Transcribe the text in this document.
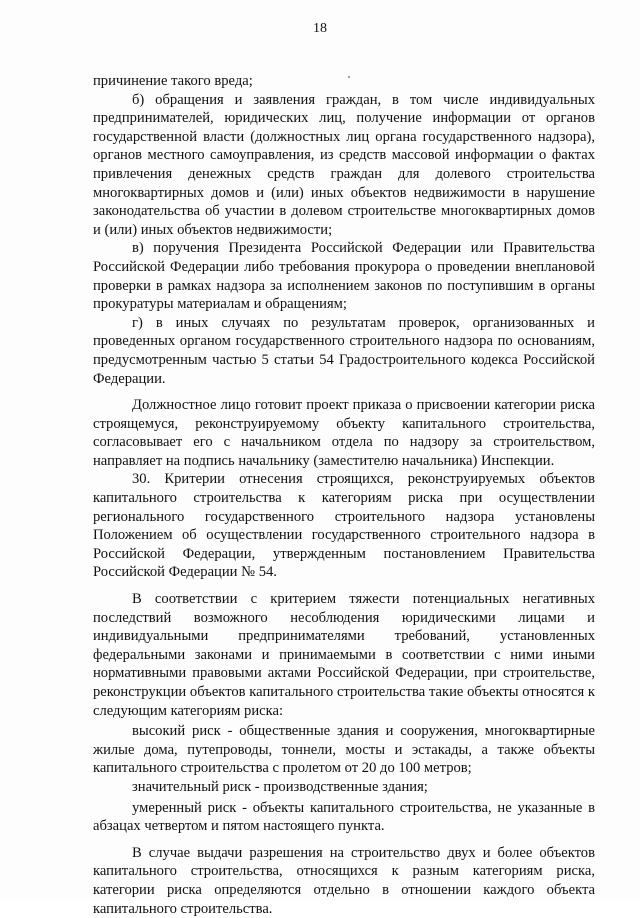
18

причинение такого вреда;

б) обращения и заявления граждан, в том числе индивидуальных предпринимателей, юридических лиц, получение информации от органов государственной власти (должностных лиц органа государственного надзора), органов местного самоуправления, из средств массовой информации о фактах привлечения денежных средств граждан для долевого строительства многоквартирных домов и (или) иных объектов недвижимости в нарушение законодательства об участии в долевом строительстве многоквартирных домов и (или) иных объектов недвижимости;

в) поручения Президента Российской Федерации или Правительства Российской Федерации либо требования прокурора о проведении внеплановой проверки в рамках надзора за исполнением законов по поступившим в органы прокуратуры материалам и обращениям;

г) в иных случаях по результатам проверок, организованных и проведенных органом государственного строительного надзора по основаниям, предусмотренным частью 5 статьи 54 Градостроительного кодекса Российской Федерации.

Должностное лицо готовит проект приказа о присвоении категории риска строящемуся, реконструируемому объекту капитального строительства, согласовывает его с начальником отдела по надзору за строительством, направляет на подпись начальнику (заместителю начальника) Инспекции.

30. Критерии отнесения строящихся, реконструируемых объектов капитального строительства к категориям риска при осуществлении регионального государственного строительного надзора установлены Положением об осуществлении государственного строительного надзора в Российской Федерации, утвержденным постановлением Правительства Российской Федерации № 54.

В соответствии с критерием тяжести потенциальных негативных последствий возможного несоблюдения юридическими лицами и индивидуальными предпринимателями требований, установленных федеральными законами и принимаемыми в соответствии с ними иными нормативными правовыми актами Российской Федерации, при строительстве, реконструкции объектов капитального строительства такие объекты относятся к следующим категориям риска:

высокий риск - общественные здания и сооружения, многоквартирные жилые дома, путепроводы, тоннели, мосты и эстакады, а также объекты капитального строительства с пролетом от 20 до 100 метров;

значительный риск - производственные здания;

умеренный риск - объекты капитального строительства, не указанные в абзацах четвертом и пятом настоящего пункта.

В случае выдачи разрешения на строительство двух и более объектов капитального строительства, относящихся к разным категориям риска, категории риска определяются отдельно в отношении каждого объекта капитального строительства.
